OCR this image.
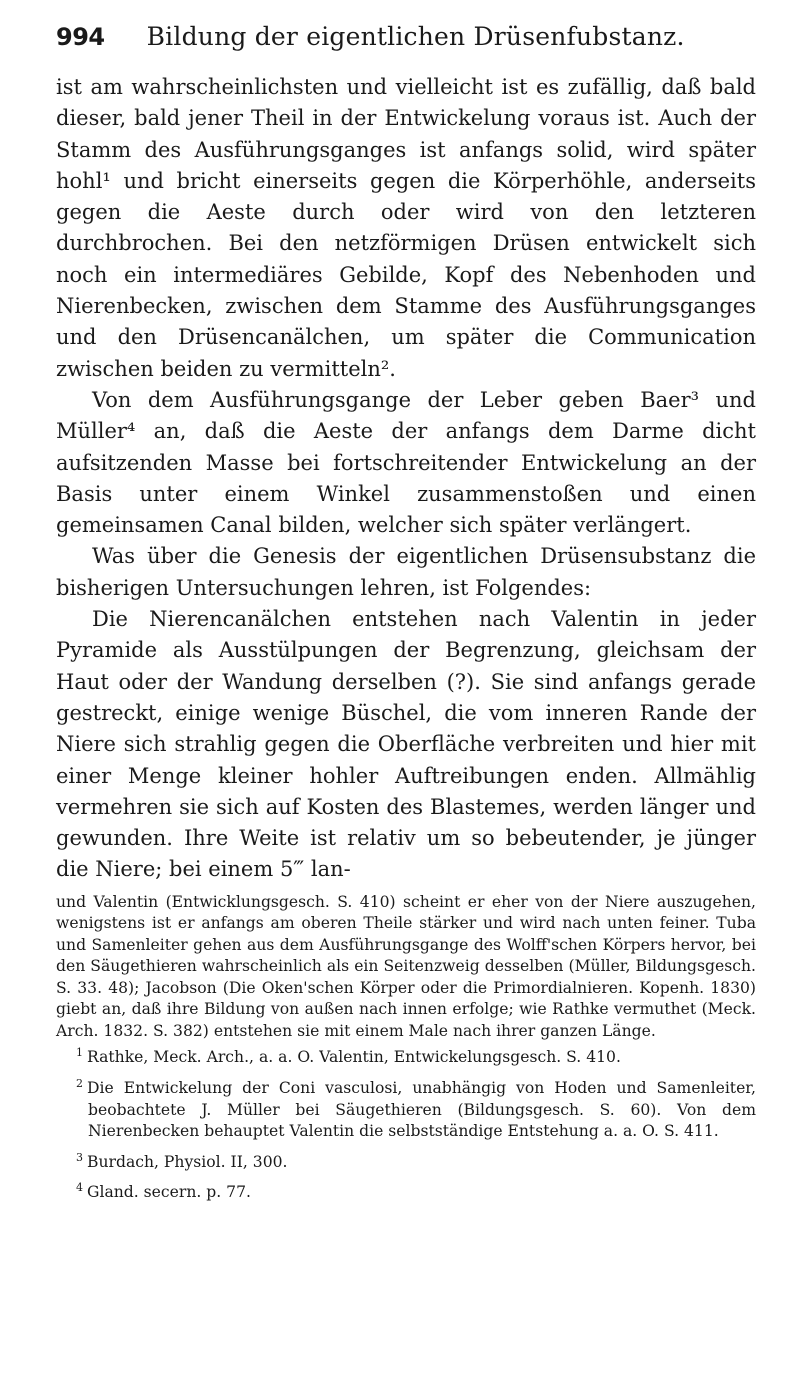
994 Bildung der eigentlichen Drüsenfubstanz.

ist am wahrscheinlichsten und vielleicht ist es zufällig, daß bald dieser, bald jener Theil in der Entwickelung voraus ist. Auch der Stamm des Ausführungsganges ist anfangs solid, wird später hohl¹ und bricht einerseits gegen die Körperhöhle, anderseits gegen die Aeste durch oder wird von den letzteren durchbrochen. Bei den netzförmigen Drüsen entwickelt sich noch ein intermediäres Gebilde, Kopf des Nebenhoden und Nierenbecken, zwischen dem Stamme des Ausführungsganges und den Drüsencanälchen, um später die Communication zwischen beiden zu vermitteln².

Von dem Ausführungsgange der Leber geben Baer³ und Müller⁴ an, daß die Aeste der anfangs dem Darme dicht aufsitzenden Masse bei fortschreitender Entwickelung an der Basis unter einem Winkel zusammenstoßen und einen gemeinsamen Canal bilden, welcher sich später verlängert.

Was über die Genesis der eigentlichen Drüsensubstanz die bisherigen Untersuchungen lehren, ist Folgendes:

Die Nierencanälchen entstehen nach Valentin in jeder Pyramide als Ausstülpungen der Begrenzung, gleichsam der Haut oder der Wandung derselben (?). Sie sind anfangs gerade gestreckt, einige wenige Büschel, die vom inneren Rande der Niere sich strahlig gegen die Oberfläche verbreiten und hier mit einer Menge kleiner hohler Auftreibungen enden. Allmählig vermehren sie sich auf Kosten des Blastemes, werden länger und gewunden. Ihre Weite ist relativ um so bebeutender, je jünger die Niere; bei einem 5‴ lan-

und Valentin (Entwicklungsgesch. S. 410) scheint er eher von der Niere auszugehen, wenigstens ist er anfangs am oberen Theile stärker und wird nach unten feiner. Tuba und Samenleiter gehen aus dem Ausführungsgange des Wolff'schen Körpers hervor, bei den Säugethieren wahrscheinlich als ein Seitenzweig desselben (Müller, Bildungsgesch. S. 33. 48); Jacobson (Die Oken'schen Körper oder die Primordialnieren. Kopenh. 1830) giebt an, daß ihre Bildung von außen nach innen erfolge; wie Rathke vermuthet (Meck. Arch. 1832. S. 382) entstehen sie mit einem Male nach ihrer ganzen Länge.
$^1$ Rathke, Meck. Arch., a. a. O. Valentin, Entwickelungsgesch. S. 410.
$^2$ Die Entwickelung der Coni vasculosi, unabhängig von Hoden und Samenleiter, beobachtete J. Müller bei Säugethieren (Bildungsgesch. S. 60). Von dem Nierenbecken behauptet Valentin die selbstständige Entstehung a. a. O. S. 411.
$^3$ Burdach, Physiol. II, 300.
$^4$ Gland. secern. p. 77.
